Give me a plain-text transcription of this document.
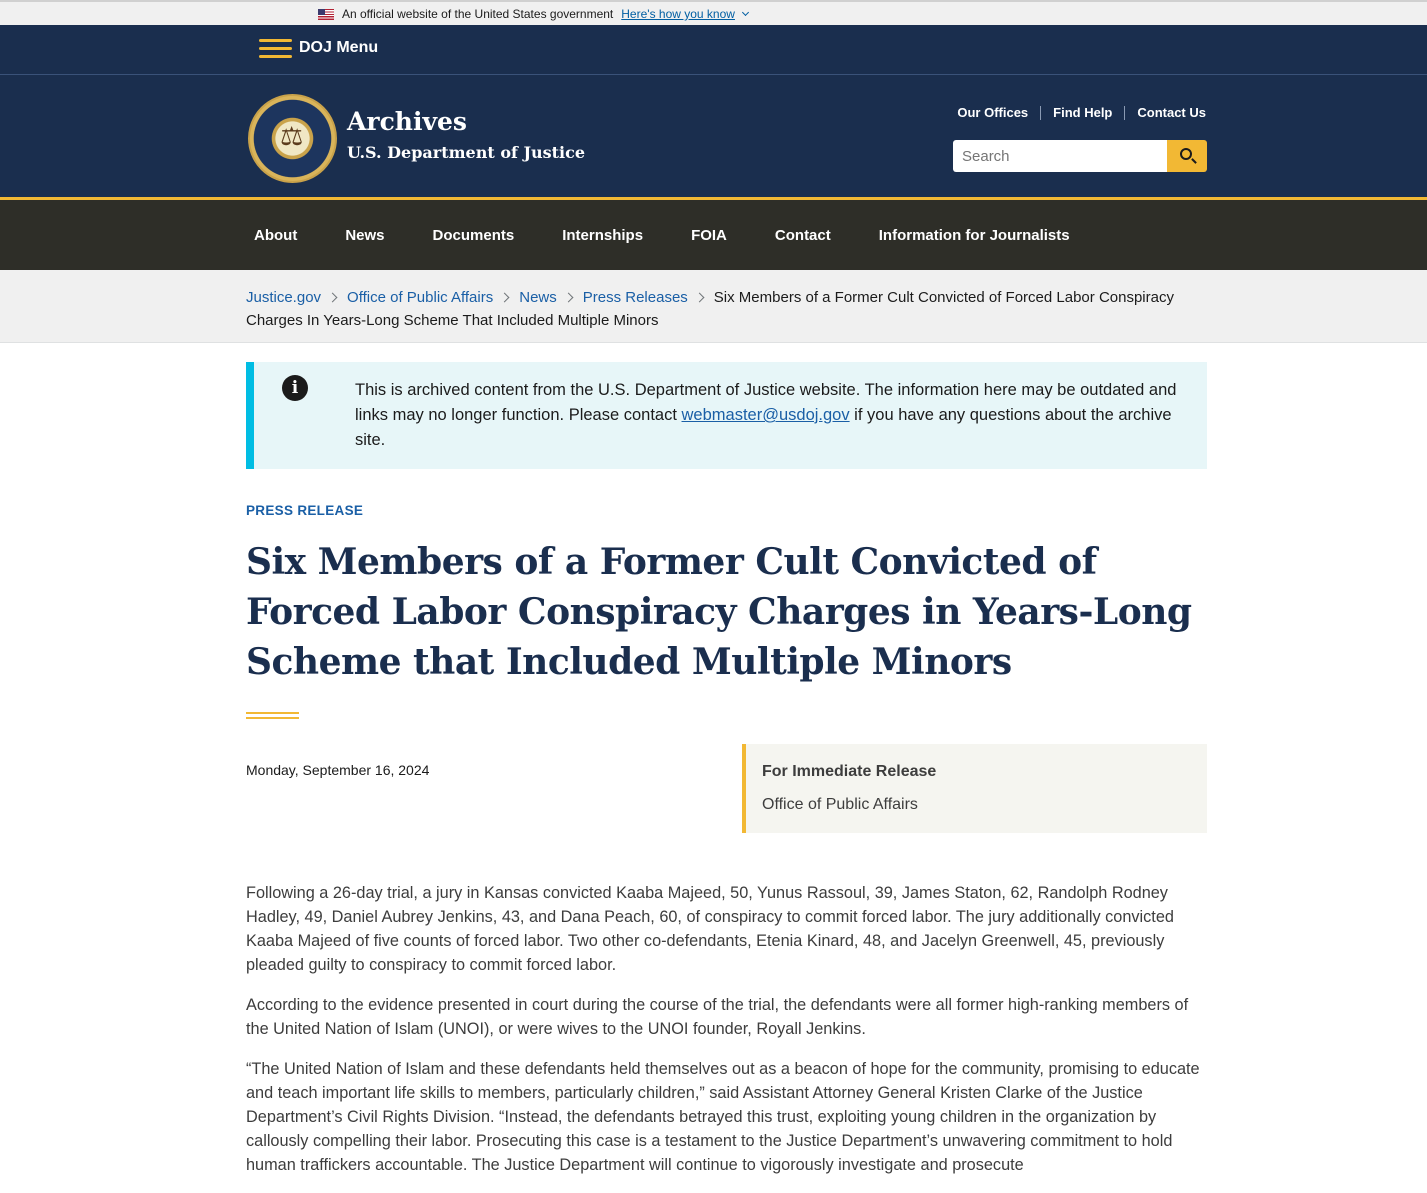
An official website of the United States government Here's how you know
DOJ Menu
⚖
Archives
U.S. Department of Justice
Our Offices	Find Help	Contact Us
Search
About	News	Documents	Internships	FOIA	Contact	Information for Journalists
Justice.gov Office of Public Affairs News Press Releases Six Members of a Former Cult Convicted of Forced Labor Conspiracy Charges In Years-Long Scheme That Included Multiple Minors
i	This is archived content from the U.S. Department of Justice website. The information here may be outdated and links may no longer function. Please contact webmaster@usdoj.gov if you have any questions about the archive site.
PRESS RELEASE
Six Members of a Former Cult Convicted of Forced Labor Conspiracy Charges in Years-Long Scheme that Included Multiple Minors
Monday, September 16, 2024	For Immediate Release
Office of Public Affairs

Following a 26-day trial, a jury in Kansas convicted Kaaba Majeed, 50, Yunus Rassoul, 39, James Staton, 62, Randolph Rodney Hadley, 49, Daniel Aubrey Jenkins, 43, and Dana Peach, 60, of conspiracy to commit forced labor. The jury additionally convicted Kaaba Majeed of five counts of forced labor. Two other co-defendants, Etenia Kinard, 48, and Jacelyn Greenwell, 45, previously pleaded guilty to conspiracy to commit forced labor.

According to the evidence presented in court during the course of the trial, the defendants were all former high-ranking members of the United Nation of Islam (UNOI), or were wives to the UNOI founder, Royall Jenkins.

“The United Nation of Islam and these defendants held themselves out as a beacon of hope for the community, promising to educate and teach important life skills to members, particularly children,” said Assistant Attorney General Kristen Clarke of the Justice Department’s Civil Rights Division. “Instead, the defendants betrayed this trust, exploiting young children in the organization by callously compelling their labor. Prosecuting this case is a testament to the Justice Department’s unwavering commitment to hold human traffickers accountable. The Justice Department will continue to vigorously investigate and prosecute
